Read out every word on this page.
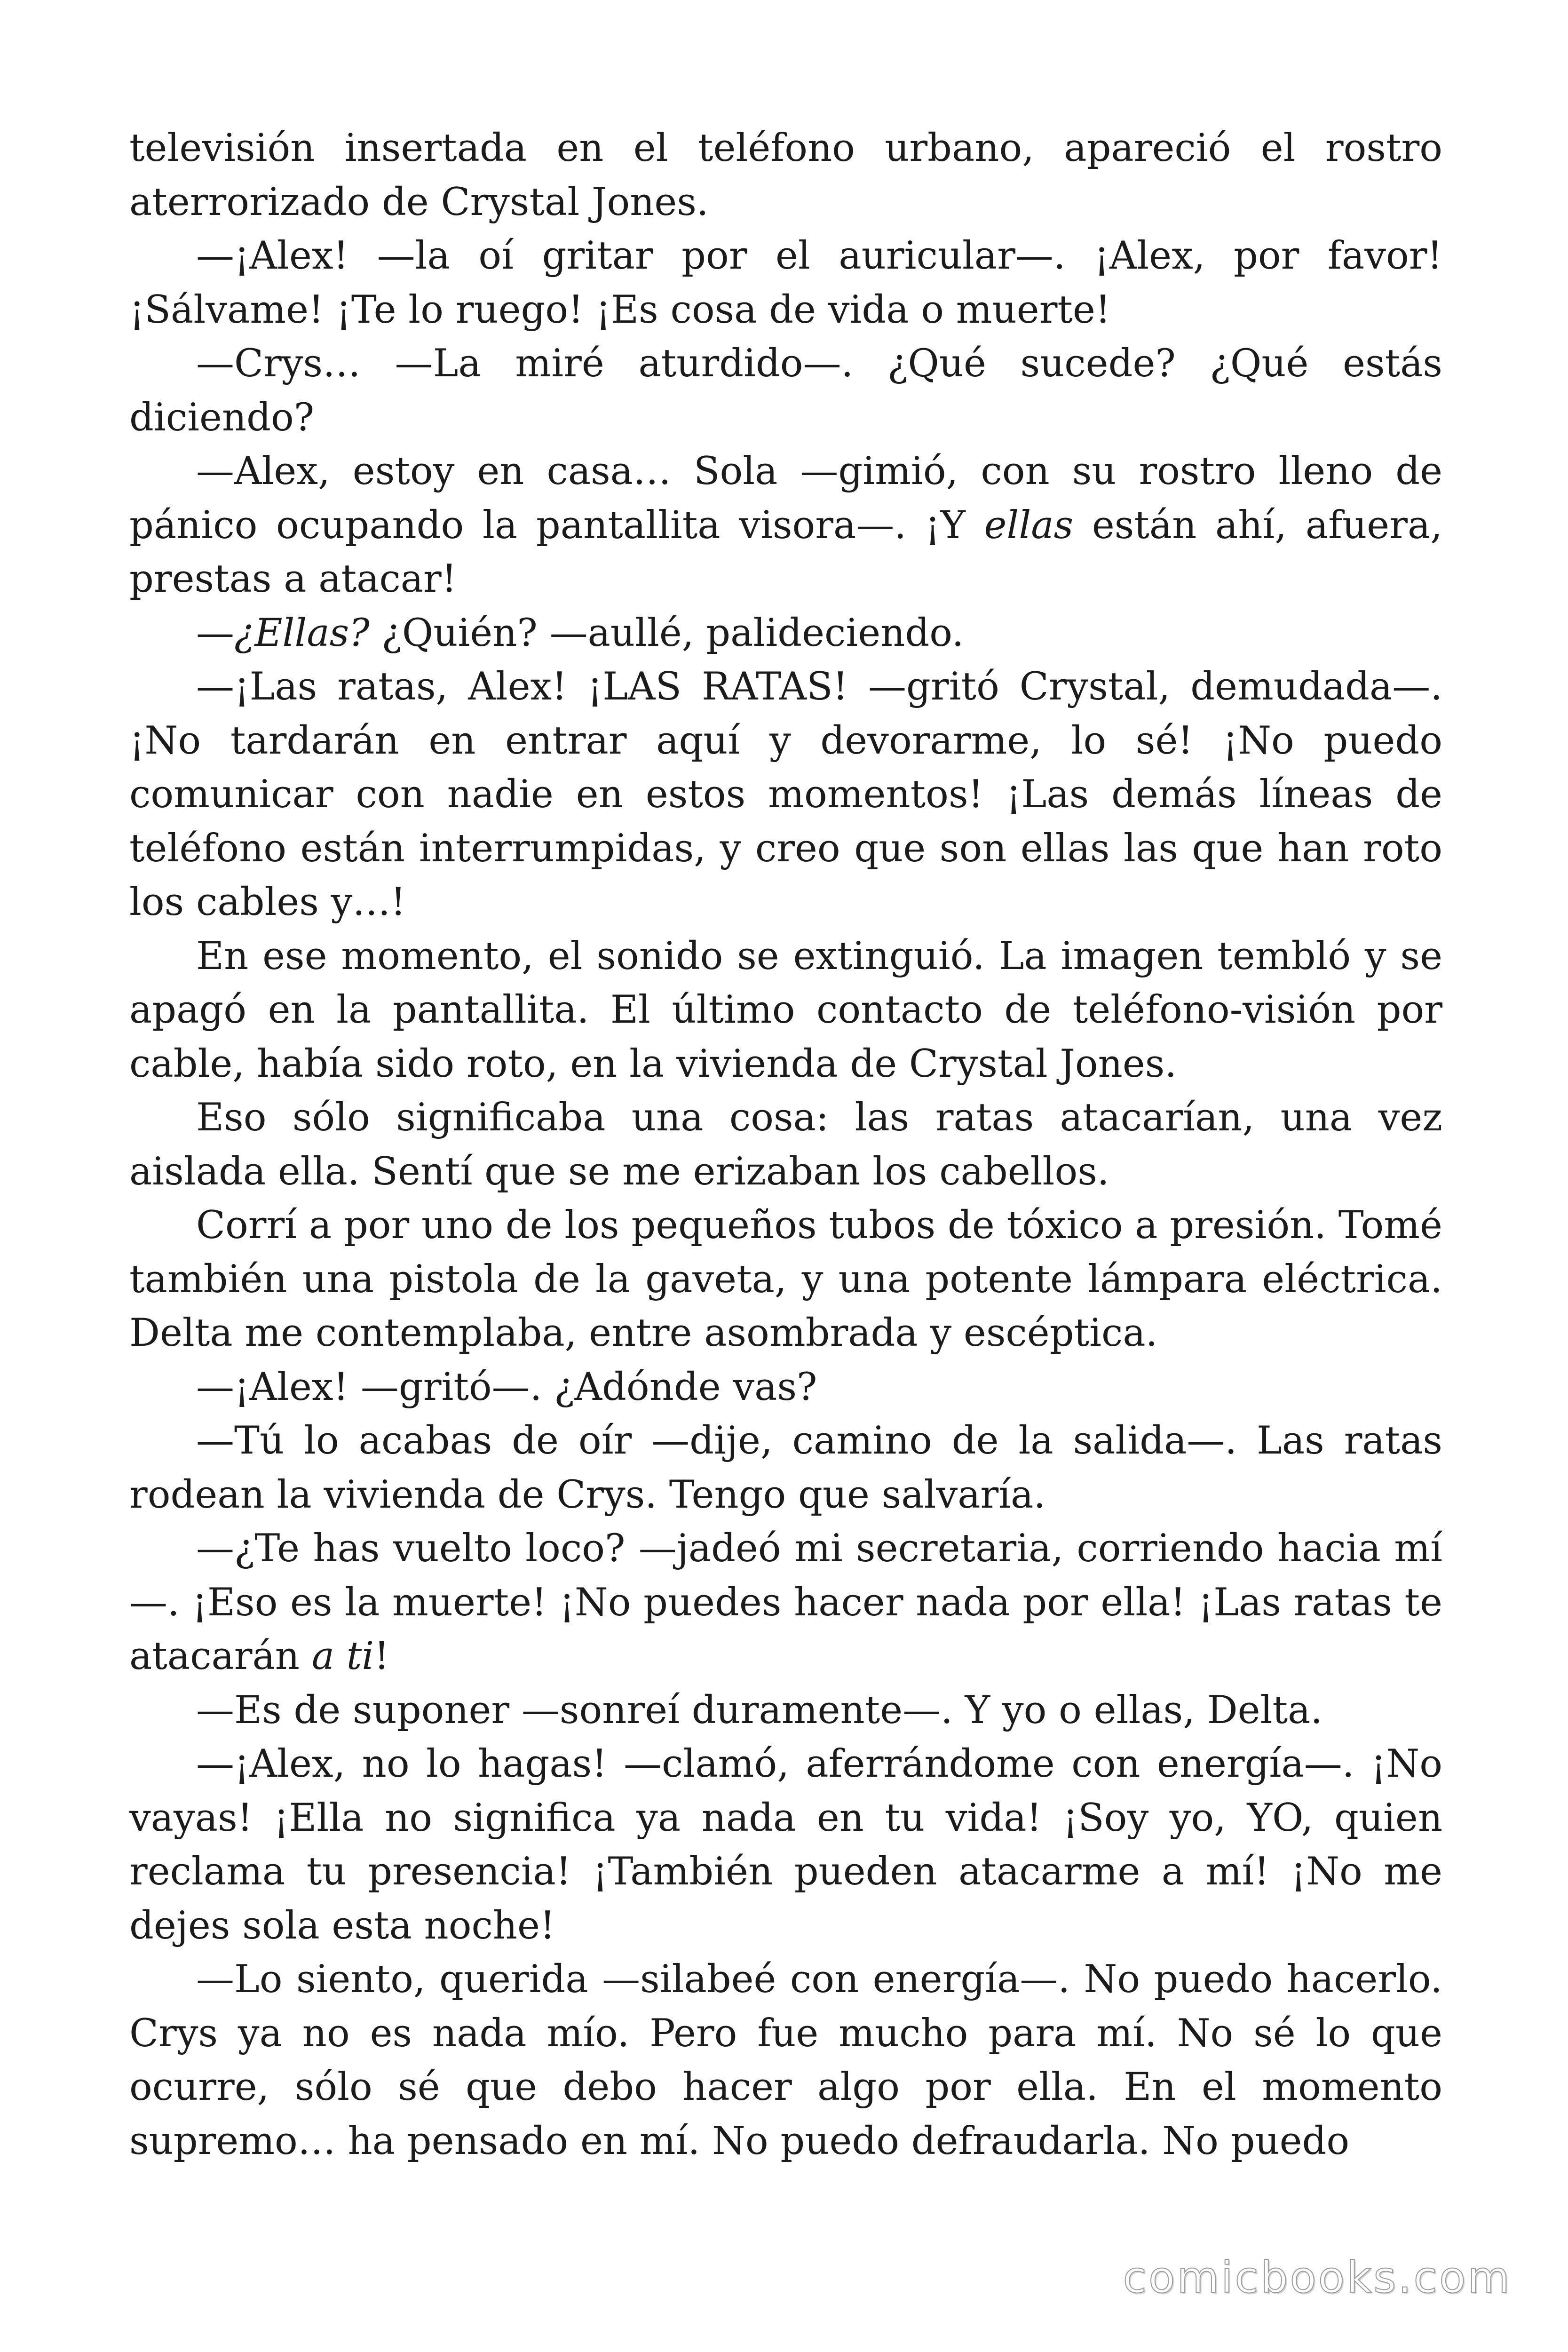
televisión insertada en el teléfono urbano, apareció el rostro aterrorizado de Crystal Jones.

—¡Alex! —la oí gritar por el auricular—. ¡Alex, por favor! ¡Sálvame! ¡Te lo ruego! ¡Es cosa de vida o muerte!

—Crys… —La miré aturdido—. ¿Qué sucede? ¿Qué estás diciendo?

—Alex, estoy en casa… Sola —gimió, con su rostro lleno de pánico ocupando la pantallita visora—. ¡Y ellas están ahí, afuera, prestas a atacar!

—¿Ellas? ¿Quién? —aullé, palideciendo.

—¡Las ratas, Alex! ¡LAS RATAS! —gritó Crystal, demudada—. ¡No tardarán en entrar aquí y devorarme, lo sé! ¡No puedo comunicar con nadie en estos momentos! ¡Las demás líneas de teléfono están interrumpidas, y creo que son ellas las que han roto los cables y…!

En ese momento, el sonido se extinguió. La imagen tembló y se apagó en la pantallita. El último contacto de teléfono-visión por cable, había sido roto, en la vivienda de Crystal Jones.

Eso sólo significaba una cosa: las ratas atacarían, una vez aislada ella. Sentí que se me erizaban los cabellos.

Corrí a por uno de los pequeños tubos de tóxico a presión. Tomé también una pistola de la gaveta, y una potente lámpara eléctrica. Delta me contemplaba, entre asombrada y escéptica.

—¡Alex! —gritó—. ¿Adónde vas?

—Tú lo acabas de oír —dije, camino de la salida—. Las ratas rodean la vivienda de Crys. Tengo que salvaría.

—¿Te has vuelto loco? —jadeó mi secretaria, corriendo hacia mí —. ¡Eso es la muerte! ¡No puedes hacer nada por ella! ¡Las ratas te atacarán a ti!

—Es de suponer —sonreí duramente—. Y yo o ellas, Delta.

—¡Alex, no lo hagas! —clamó, aferrándome con energía—. ¡No vayas! ¡Ella no significa ya nada en tu vida! ¡Soy yo, YO, quien reclama tu presencia! ¡También pueden atacarme a mí! ¡No me dejes sola esta noche!

—Lo siento, querida —silabeé con energía—. No puedo hacerlo. Crys ya no es nada mío. Pero fue mucho para mí. No sé lo que ocurre, sólo sé que debo hacer algo por ella. En el momento supremo… ha pensado en mí. No puedo defraudarla. No puedo

comicbooks.com
